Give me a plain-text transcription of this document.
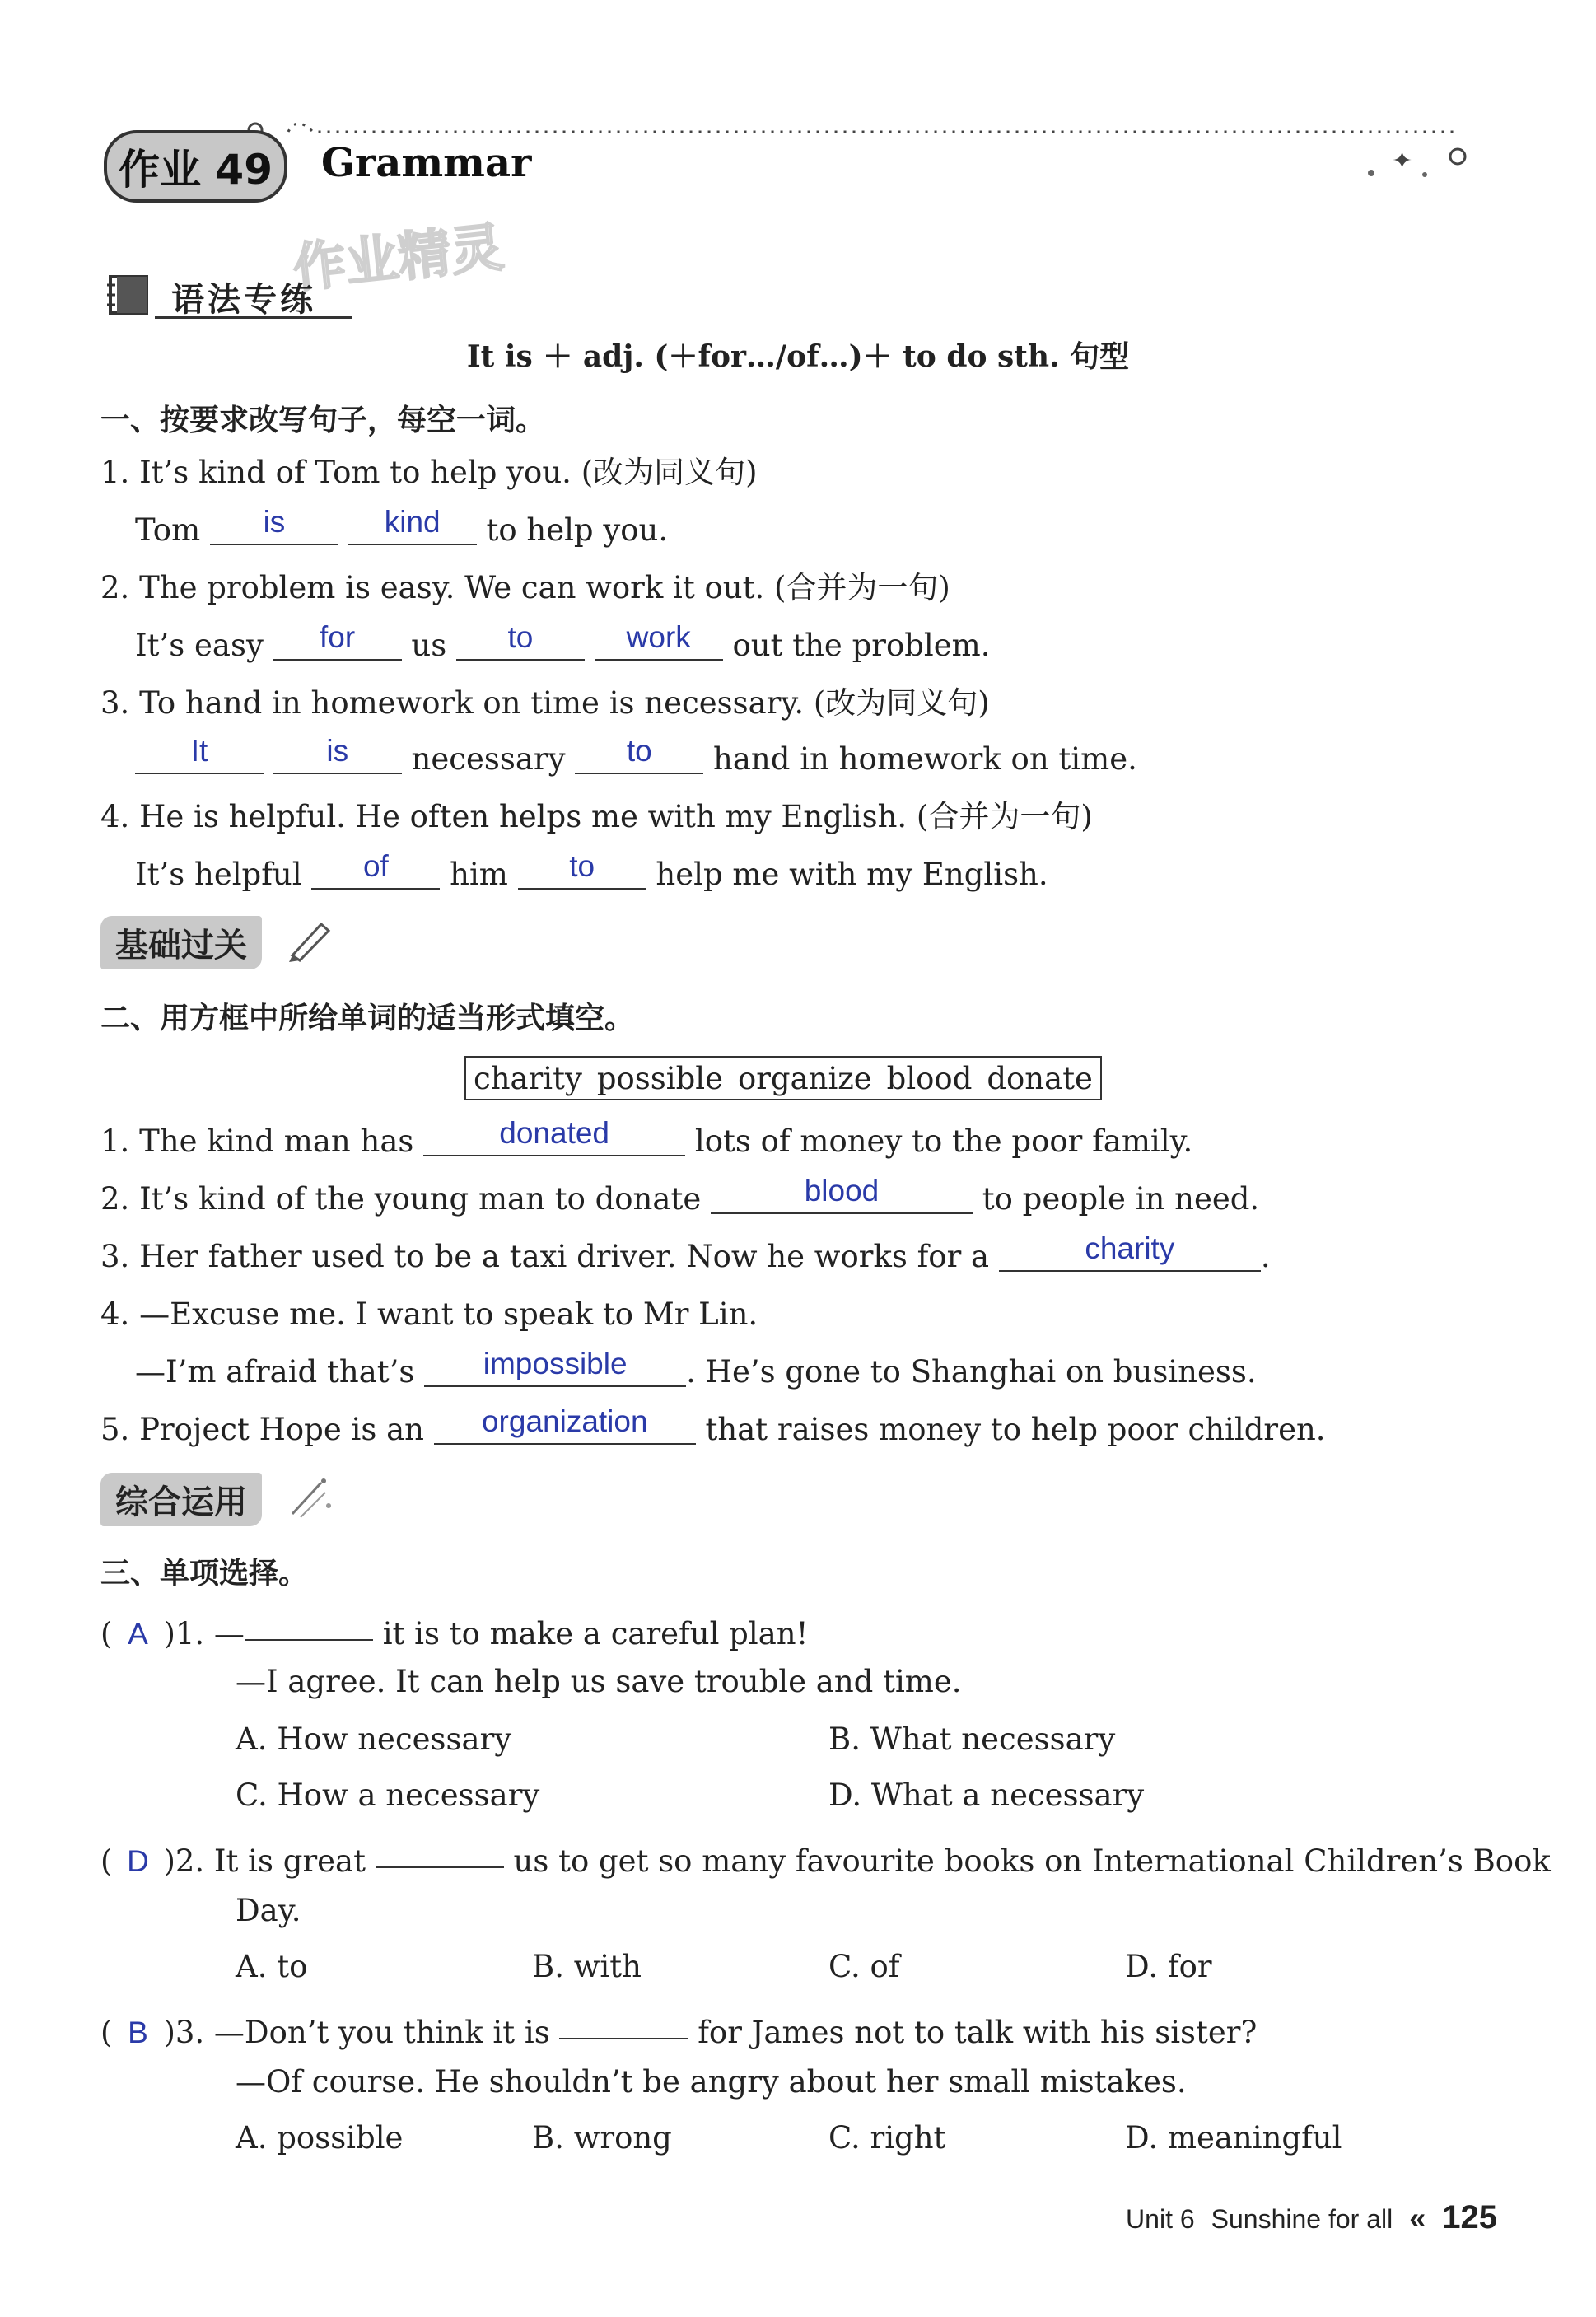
✦
作业 49 Grammar
作业精灵
语法专练
It is ＋ adj. (＋for…/of…)＋ to do sth. 句型
一、按要求改写句子，每空一词。
1. It’s kind of Tom to help you. (改为同义句)
Tom is	kind to help you.
2. The problem is easy. We can work it out. (合并为一句)
It’s easy for us to	work out the problem.
3. To hand in homework on time is necessary. (改为同义句)
It	is necessary to hand in homework on time.
4. He is helpful. He often helps me with my English. (合并为一句)
It’s helpful of him to help me with my English.
基础过关
二、用方框中所给单词的适当形式填空。
charity possible organize blood donate
1. The kind man has	donated	lots of money to the poor family.
2. It’s kind of the young man to donate	blood	to people in need.
3. Her father used to be a taxi driver. Now he works for a	charity	.
4. —Excuse me. I want to speak to Mr Lin.
—I’m afraid that’s impossible . He’s gone to Shanghai on business.
5. Project Hope is an organization that raises money to help poor children.
综合运用
三、单项选择。
( A )1. —	it is to make a careful plan!
—I agree. It can help us save trouble and time.
A. How necessary	B. What necessary
C. How a necessary	D. What a necessary
( D )2. It is great	us to get so many favourite books on International Children’s Book
Day.
A. to	B. with	C. of	D. for
( B )3. —Don’t you think it is	for James not to talk with his sister?
—Of course. He shouldn’t be angry about her small mistakes.
A. possible	B. wrong	C. right	D. meaningful
Unit 6 Sunshine for all « 125
